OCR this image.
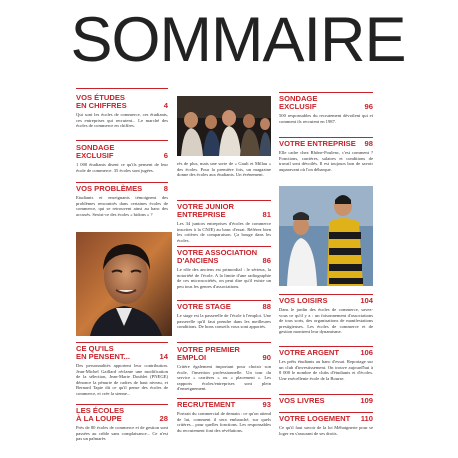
SOMMAIRE
VOS ÉTUDES
EN CHIFFRES	4
Qui sont les écoles de commerce, ces étudiants, ces entreprises qui recrutent... Le marché des écoles de commerce en chiffres.
SONDAGE
EXCLUSIF	6
1 000 étudiants disent ce qu'ils pensent de leur école de commerce. 35 écoles sont jugées.
VOS PROBLÈMES	8
Etudiants et enseignants témoignent des problèmes rencontrés dans certaines écoles de commerce, qui se retrouvent ainsi au banc des accusés. Sexist-ce des écoles « bidons » ?
CE QU'ILS
EN PENSENT...	14
Des personnalités apportent leur contribution. Jean-Michel Gaillard réclame une modification de la sélection, Jean-Marie Doublet (PNEGE) dénonce la pénurie de cadres de haut niveau, et Bernard Tapie dit ce qu'il pense des écoles de commerce, et crée la sienne...
LES ÉCOLES
À LA LOUPE	28
Près de 80 écoles de commerce et de gestion sont passées au crible sans complaisance... Ce n'est pas un palmarès
rès de plus, mais une sorte de « Gault et Millau » des écoles. Pour la première fois, un magazine donne des écoles aux étudiants. Un événement.
VOTRE JUNIOR
ENTREPRISE	81
Les 34 juniors entreprises d'écoles de commerce inscrites à la CNJE) au banc d'essai. Référez bien les critères de comparaison. Ça bouge dans les écoles.
VOTRE ASSOCIATION
D'ANCIENS	86
Le rôle des anciens est primordial : le sérieux, la notoriété de l'école. A la limite d'une radiographie de ces microsociétés, on peut dire qu'il existe un peu tous les genres d'associations.
VOTRE STAGE	88
Le stage est la passerelle de l'école à l'emploi. Une passerelle qu'il faut prendre dans les meilleures conditions. De bons conseils vous sont apportés.
VOTRE PREMIER
EMPLOI	90
Critère également important pour choisir son école, l'insertion professionnelle. Un tour du service « carrières » ou « placement ». Les rapports écoles/entreprises sont plein d'enseignement.
RECRUTEMENT	93
Portrait du commercial de demain : ce qu'on attend de lui, comment il sera embauché, sur quels critères... pour quelles fonctions. Les responsables du recrutement font des révélations.
SONDAGE
EXCLUSIF	96
500 responsables du recrutement dévoilent qui et comment ils recrutent en 1987.
VOTRE ENTREPRISE 98
Elle cadre chez Rhône-Poulenc, c'est comment ? Fonctions, carrières, salaires et conditions de travail sont dévoilés. Il est toujours bon de savoir auparavant où l'on débarque.
VOS LOISIRS	104
Dans le jardin des écoles de commerce, savez-vous ce qu'il y a : un foisonnement d'associations de tous sorts, des organisations de manifestations prestigieuses. Les écoles de commerce et de gestion montrent leur dynamisme.
VOTRE ARGENT	106
Les prêts étudiants au banc d'essai. Reportage sur un club d'investissement. On trouve aujourd'hui à 8 000 le nombre de clubs d'étudiants et d'écoles. Une exécellente école de la Bourse.
VOS LIVRES	109
VOTRE LOGEMENT 110
Ce qu'il faut savoir de la loi Méhaignerie pour se loger en s'assurant de ses droits.
